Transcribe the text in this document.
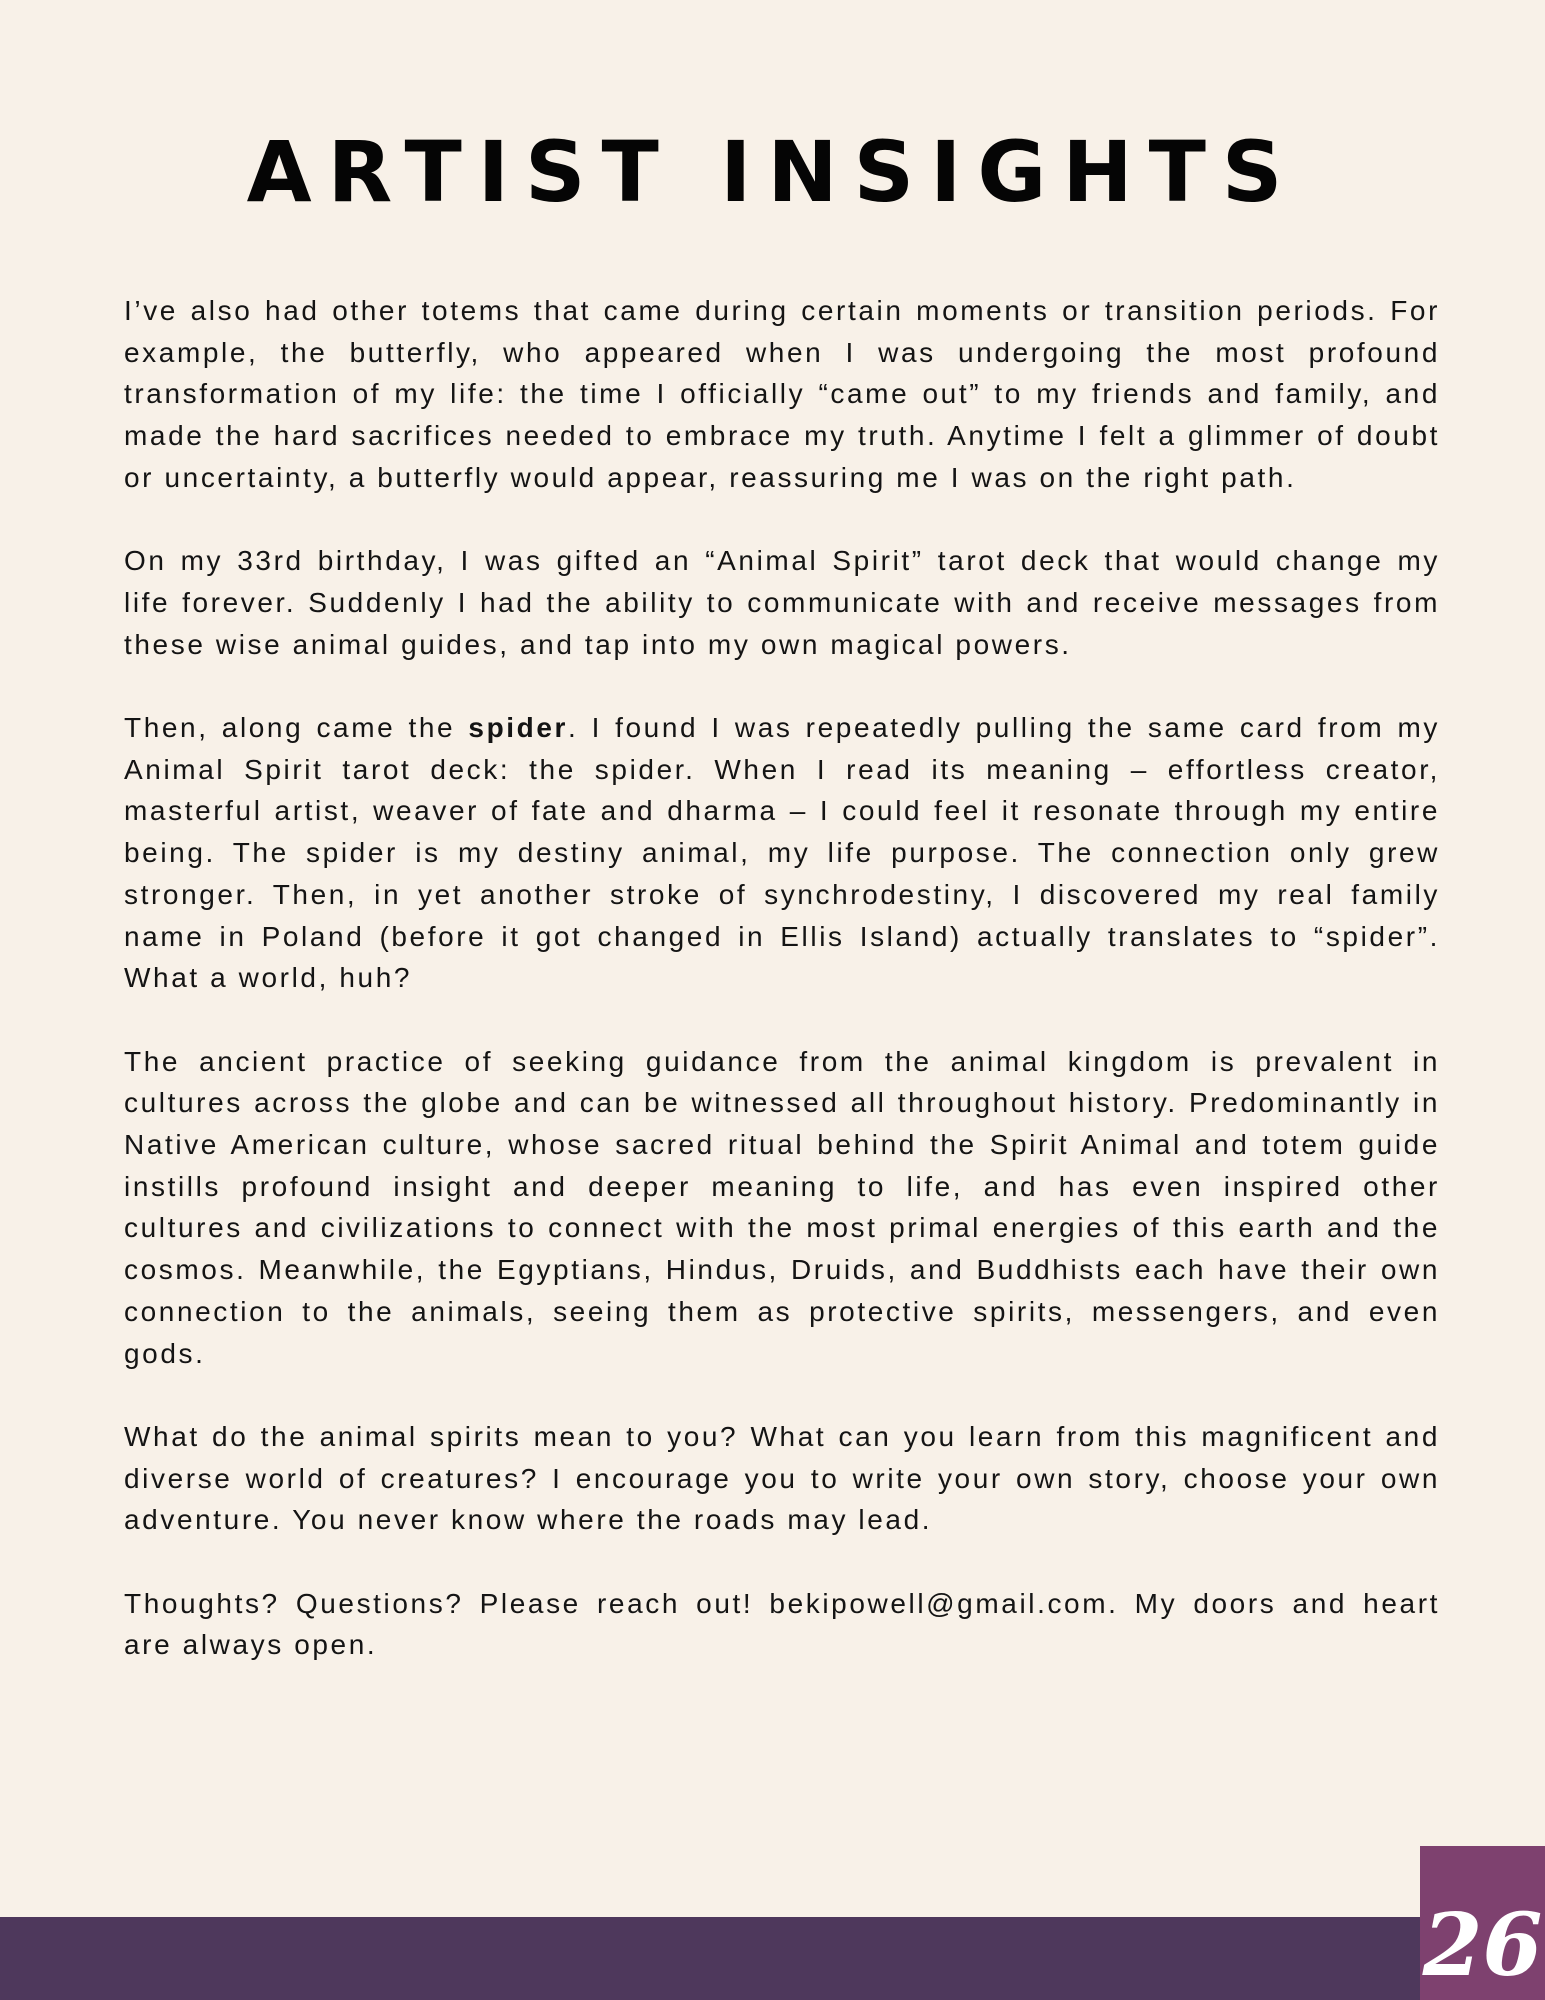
ARTIST INSIGHTS

I’ve also had other totems that came during certain moments or transition periods. For example, the butterfly, who appeared when I was undergoing the most profound transformation of my life: the time I officially “came out” to my friends and family, and made the hard sacrifices needed to embrace my truth. Anytime I felt a glimmer of doubt or uncertainty, a butterfly would appear, reassuring me I was on the right path.

On my 33rd birthday, I was gifted an “Animal Spirit” tarot deck that would change my life forever. Suddenly I had the ability to communicate with and receive messages from these wise animal guides, and tap into my own magical powers.

Then, along came the spider. I found I was repeatedly pulling the same card from my Animal Spirit tarot deck: the spider. When I read its meaning – effortless creator, masterful artist, weaver of fate and dharma – I could feel it resonate through my entire being. The spider is my destiny animal, my life purpose. The connection only grew stronger. Then, in yet another stroke of synchrodestiny, I discovered my real family name in Poland (before it got changed in Ellis Island) actually translates to “spider”. What a world, huh?

The ancient practice of seeking guidance from the animal kingdom is prevalent in cultures across the globe and can be witnessed all throughout history. Predominantly in Native American culture, whose sacred ritual behind the Spirit Animal and totem guide instills profound insight and deeper meaning to life, and has even inspired other cultures and civilizations to connect with the most primal energies of this earth and the cosmos. Meanwhile, the Egyptians, Hindus, Druids, and Buddhists each have their own connection to the animals, seeing them as protective spirits, messengers, and even gods.

What do the animal spirits mean to you? What can you learn from this magnificent and diverse world of creatures? I encourage you to write your own story, choose your own adventure. You never know where the roads may lead.

Thoughts? Questions? Please reach out! bekipowell@gmail.com. My doors and heart are always open.

26
